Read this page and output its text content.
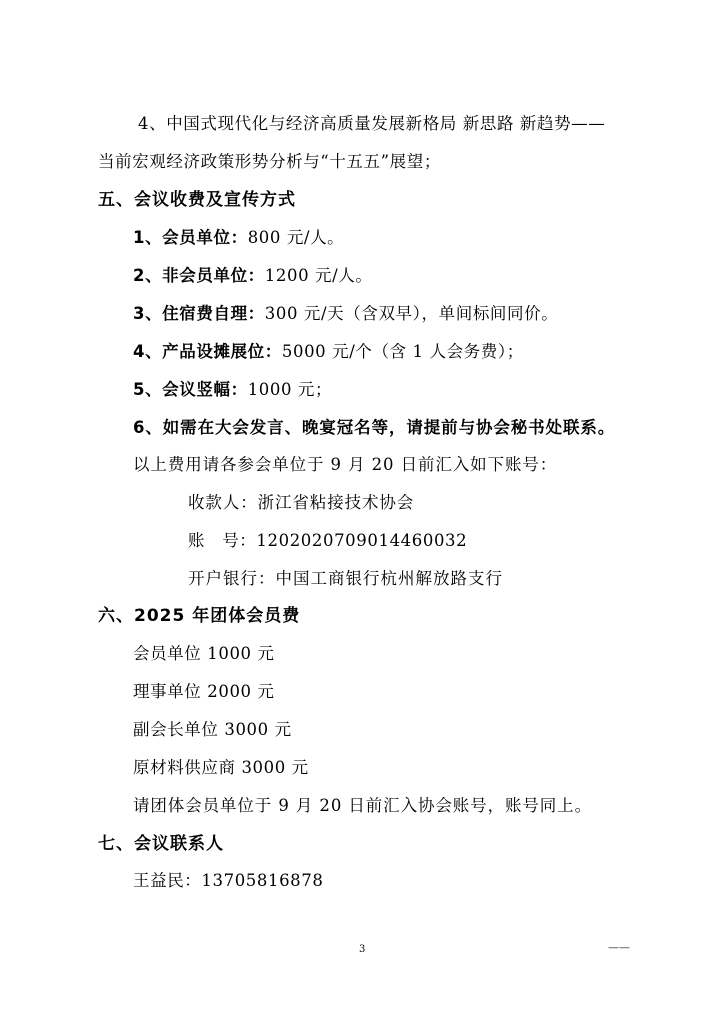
4、中国式现代化与经济高质量发展新格局 新思路 新趋势——
当前宏观经济政策形势分析与“十五五”展望；
五、会议收费及宣传方式
1、会员单位：800 元/人。
2、非会员单位：1200 元/人。
3、住宿费自理：300 元/天（含双早），单间标间同价。
4、产品设摊展位：5000 元/个（含 1 人会务费）；
5、会议竖幅：1000 元；
6、如需在大会发言、晚宴冠名等，请提前与协会秘书处联系。
以上费用请各参会单位于 9 月 20 日前汇入如下账号：
收款人：浙江省粘接技术协会
账　号：1202020709014460032
开户银行：中国工商银行杭州解放路支行
六、2025 年团体会员费
会员单位 1000 元
理事单位 2000 元
副会长单位 3000 元
原材料供应商 3000 元
请团体会员单位于 9 月 20 日前汇入协会账号，账号同上。
七、会议联系人
王益民：13705816878
3	——
